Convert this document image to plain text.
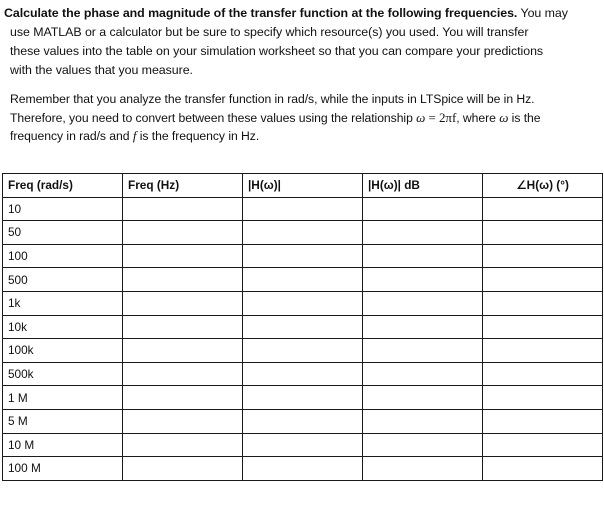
Calculate the phase and magnitude of the transfer function at the following frequencies. You may
use MATLAB or a calculator but be sure to specify which resource(s) you used. You will transfer
these values into the table on your simulation worksheet so that you can compare your predictions
with the values that you measure.
Remember that you analyze the transfer function in rad/s, while the inputs in LTSpice will be in Hz.
Therefore, you need to convert between these values using the relationship ω = 2πf, where ω is the
frequency in rad/s and f is the frequency in Hz.
Freq (rad/s)	Freq (Hz)	|H(ω)|	|H(ω)| dB	∠H(ω) (°)
10				
50				
100				
500				
1k				
10k				
100k				
500k				
1 M				
5 M				
10 M				
100 M				
